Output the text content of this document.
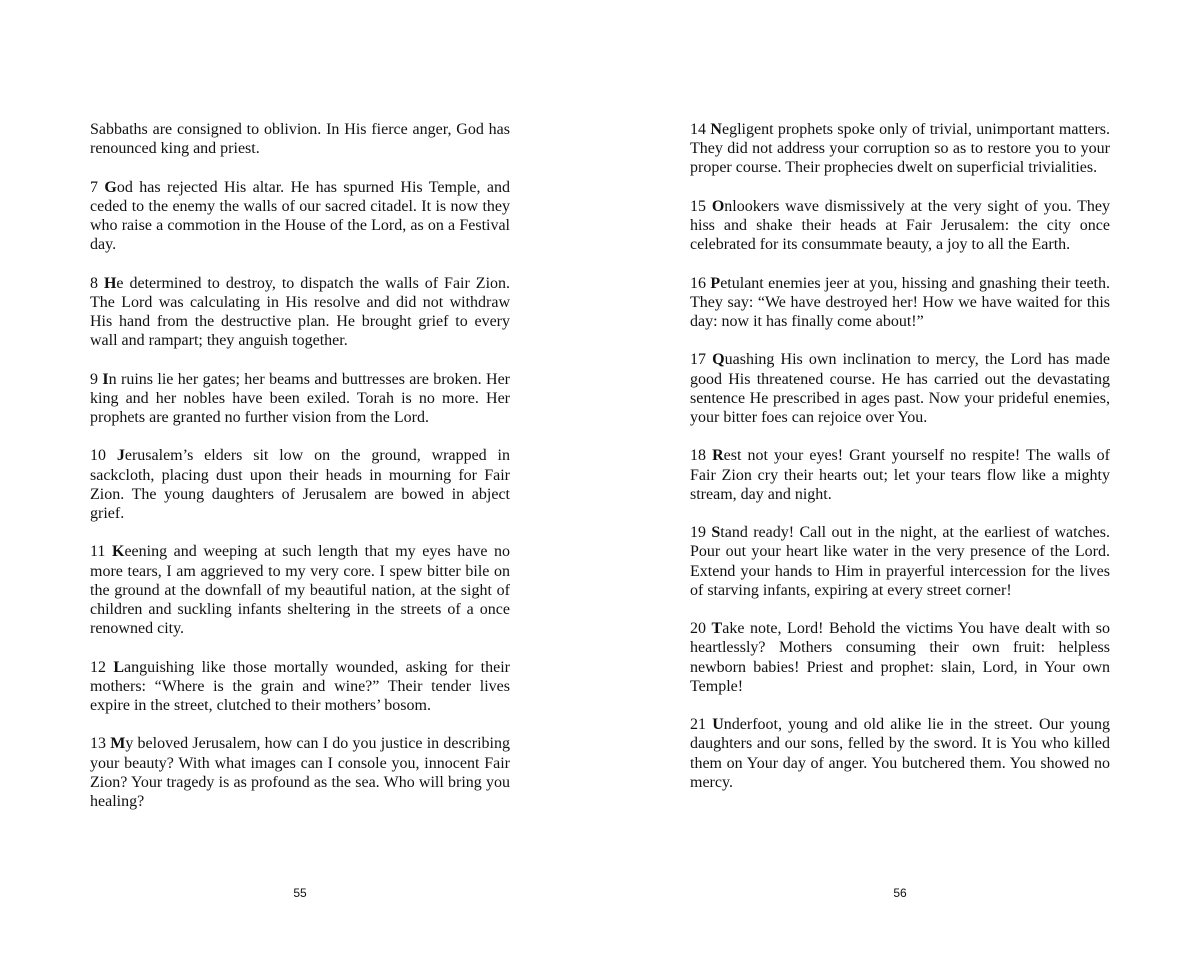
Sabbaths are consigned to oblivion. In His fierce anger, God has renounced king and priest.

7 God has rejected His altar. He has spurned His Temple, and ceded to the enemy the walls of our sacred citadel. It is now they who raise a commotion in the House of the Lord, as on a Festival day.

8 He determined to destroy, to dispatch the walls of Fair Zion. The Lord was calculating in His resolve and did not withdraw His hand from the destructive plan. He brought grief to every wall and rampart; they anguish together.

9 In ruins lie her gates; her beams and buttresses are broken. Her king and her nobles have been exiled. Torah is no more. Her prophets are granted no further vision from the Lord.

10 Jerusalem’s elders sit low on the ground, wrapped in sackcloth, placing dust upon their heads in mourning for Fair Zion. The young daughters of Jerusalem are bowed in abject grief.

11 Keening and weeping at such length that my eyes have no more tears, I am aggrieved to my very core. I spew bitter bile on the ground at the downfall of my beautiful nation, at the sight of children and suckling infants sheltering in the streets of a once renowned city.

12 Languishing like those mortally wounded, asking for their mothers: “Where is the grain and wine?” Their tender lives expire in the street, clutched to their mothers’ bosom.

13 My beloved Jerusalem, how can I do you justice in describing your beauty? With what images can I console you, innocent Fair Zion? Your tragedy is as profound as the sea. Who will bring you healing?

55

14 Negligent prophets spoke only of trivial, unimportant matters. They did not address your corruption so as to restore you to your proper course. Their prophecies dwelt on superficial trivialities.

15 Onlookers wave dismissively at the very sight of you. They hiss and shake their heads at Fair Jerusalem: the city once celebrated for its consummate beauty, a joy to all the Earth.

16 Petulant enemies jeer at you, hissing and gnashing their teeth. They say: “We have destroyed her! How we have waited for this day: now it has finally come about!”

17 Quashing His own inclination to mercy, the Lord has made good His threatened course. He has carried out the devastating sentence He prescribed in ages past. Now your prideful enemies, your bitter foes can rejoice over You.

18 Rest not your eyes! Grant yourself no respite! The walls of Fair Zion cry their hearts out; let your tears flow like a mighty stream, day and night.

19 Stand ready! Call out in the night, at the earliest of watches. Pour out your heart like water in the very presence of the Lord. Extend your hands to Him in prayerful intercession for the lives of starving infants, expiring at every street corner!

20 Take note, Lord! Behold the victims You have dealt with so heartlessly? Mothers consuming their own fruit: helpless newborn babies! Priest and prophet: slain, Lord, in Your own Temple!

21 Underfoot, young and old alike lie in the street. Our young daughters and our sons, felled by the sword. It is You who killed them on Your day of anger. You butchered them. You showed no mercy.

56
